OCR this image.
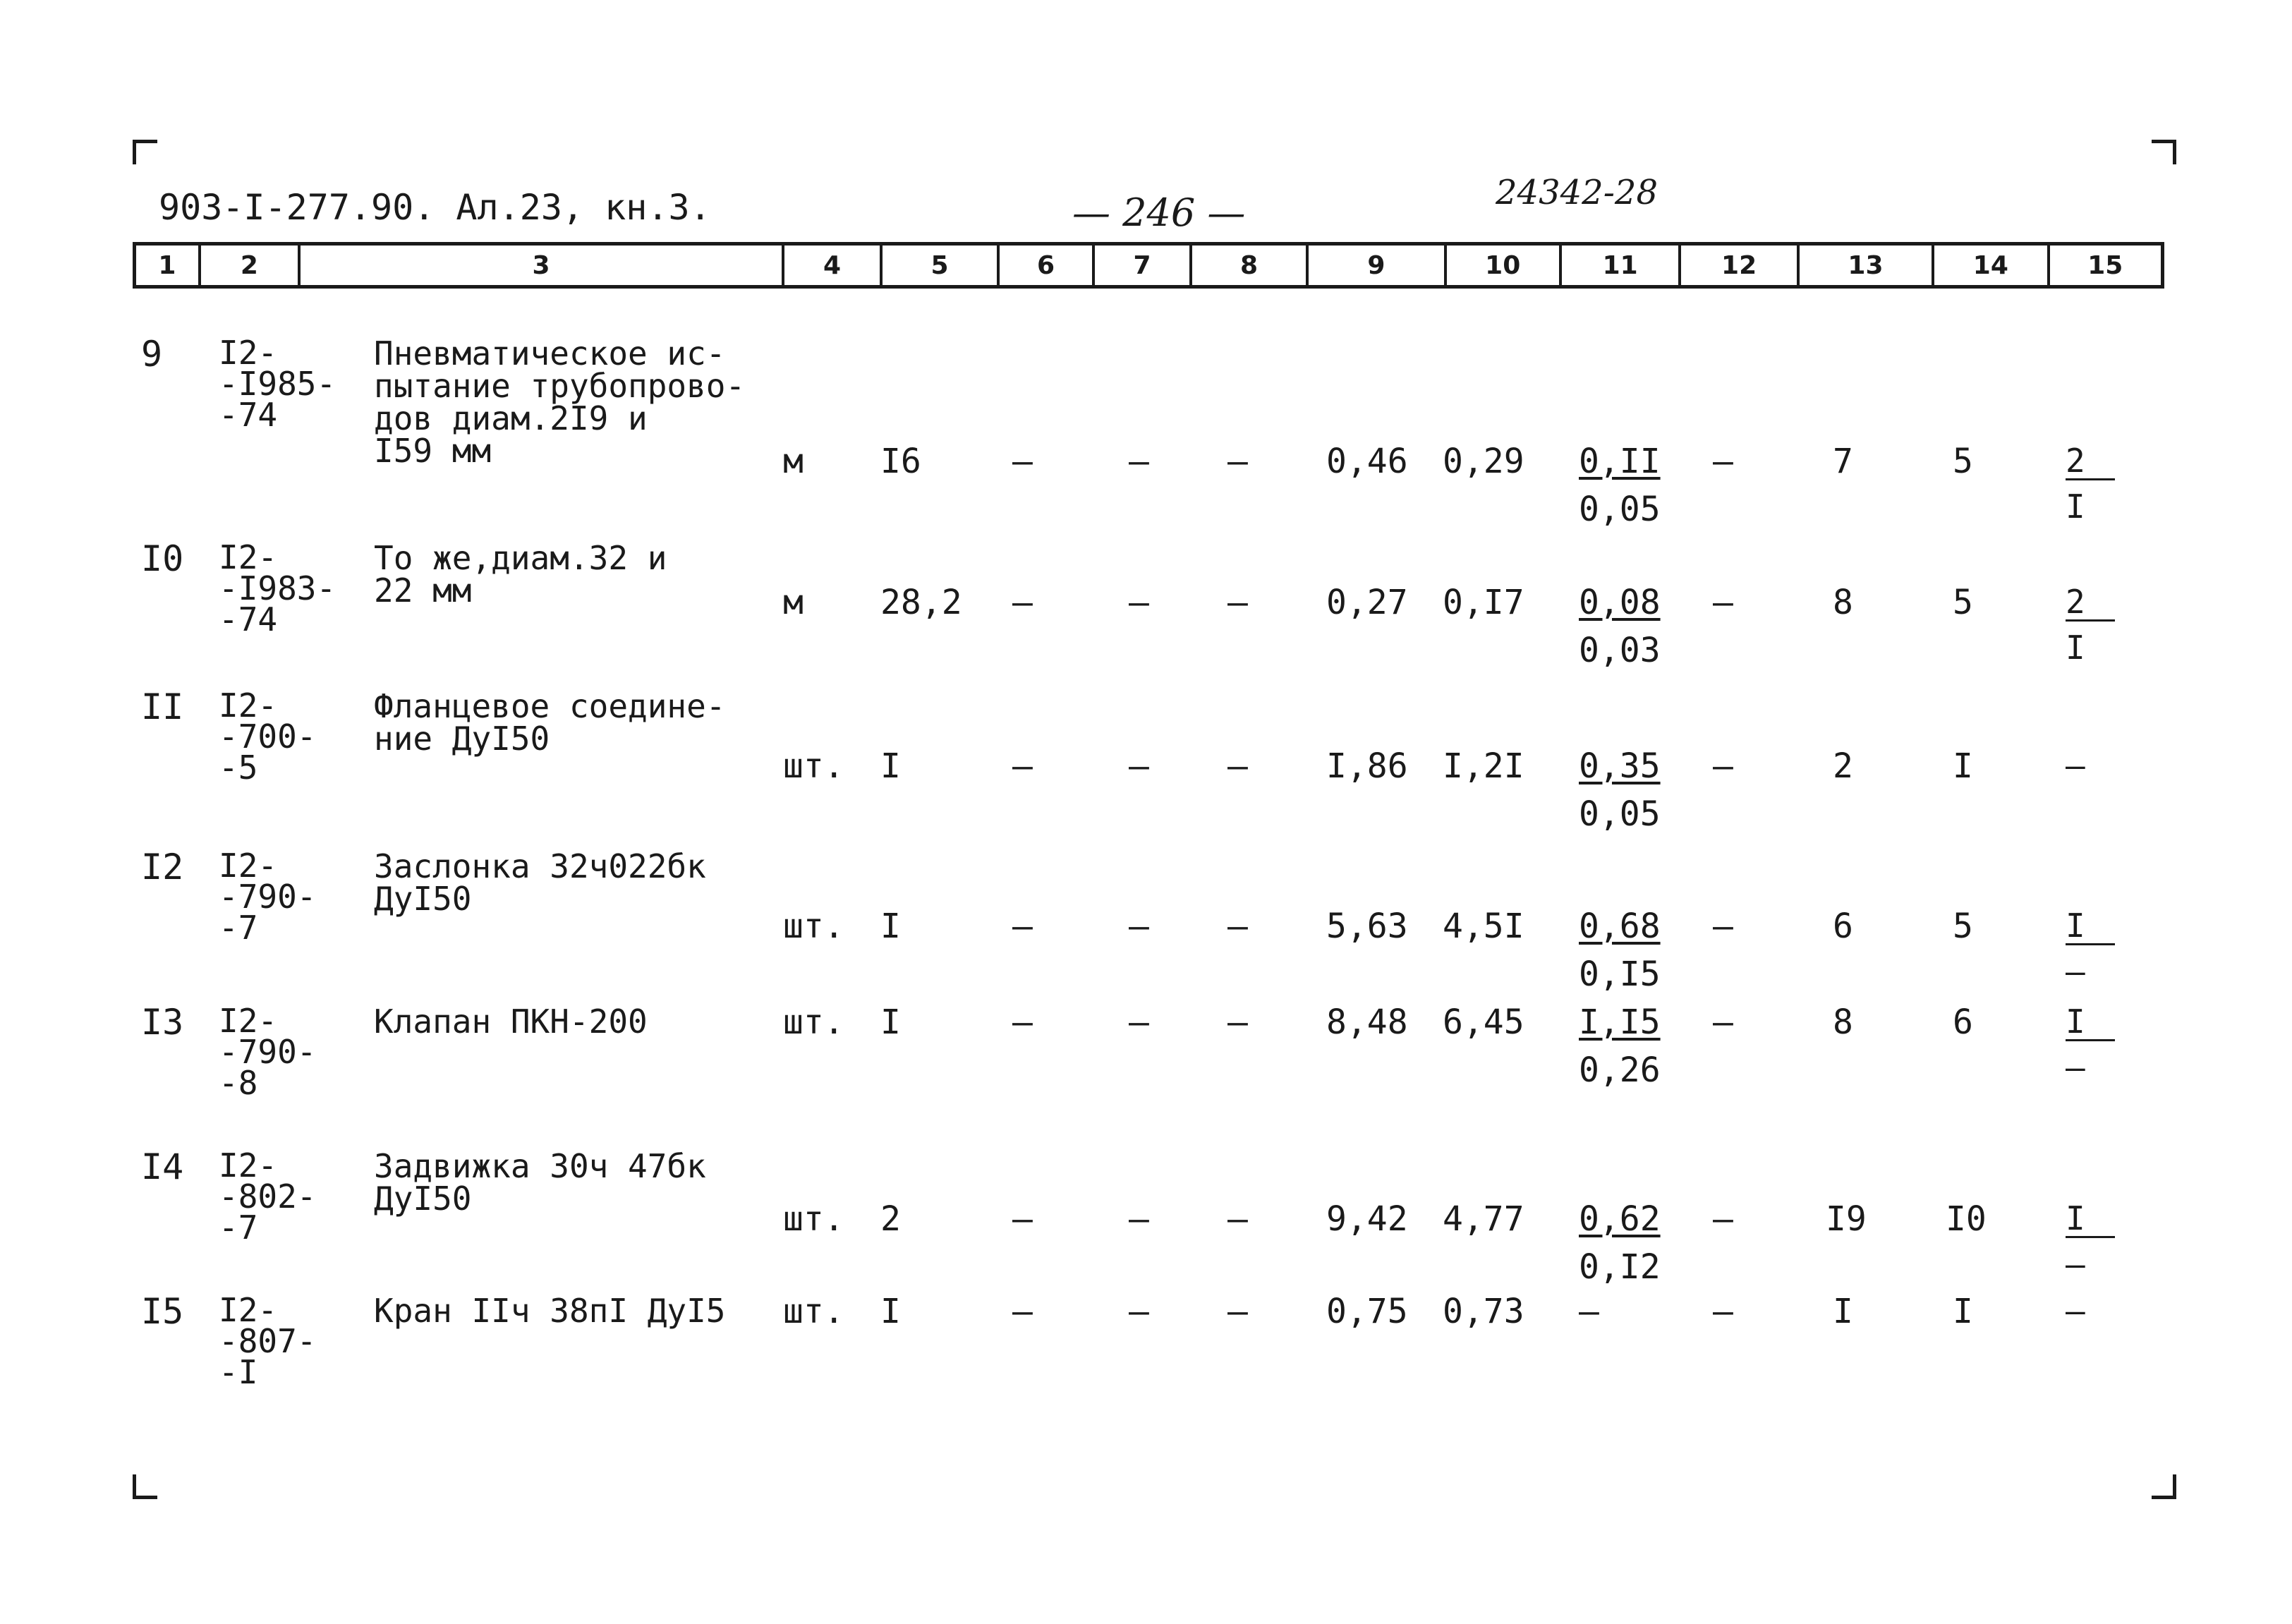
903-I-277.90. Ал.23, кн.3.
—	246 —	24342-28
1	2	3	4	5	6	7	8	9	10	11	12	13	14	15
9 I2-
-I985-
-74
Пневматическое ис-
пытание трубопрово-
дов диам.2I9 и
I59 мм	м I6	–	– – 0,46 $0,29 \frac{0,II}{0,05}$ –	7	5	2
I
I0 I2-
-I983-
-74
То же,диам.32 и
22 мм	м 28,2 –	– – 0,27 $0,I7 \frac{0,08}{0,03}$ –	8	5	2
I
II I2-
-700-
-5
Фланцевое соедине-
ние ДуI50
шт. I	–	– – I,86 $I,2I \frac{0,35}{0,05}$ –	2	I	–
I2 I2-
-790-
-7
Заслонка 32ч022бк
ДуI50
шт. I	–	– – 5,63 $4,5I \frac{0,68}{0,I5}$ –	6	5	I
–
I3 I2-
-790-
-8
Клапан ПКН-200	шт. I	–	– – 8,48 $6,45 \frac{I,I5}{0,26}$ –	8	6	I
–
I4 I2-
-802-
-7
Задвижка 30ч 47бк
ДуI50
шт. 2	–	– – 9,42 $4,77 \frac{0,62}{0,I2}$ –	I9 I0 I
–
I5 I2-
-807-
-I
Кран IIч 38пI ДуI5 шт. I	–	– – 0,75 0,73 –	–	I	I	–
